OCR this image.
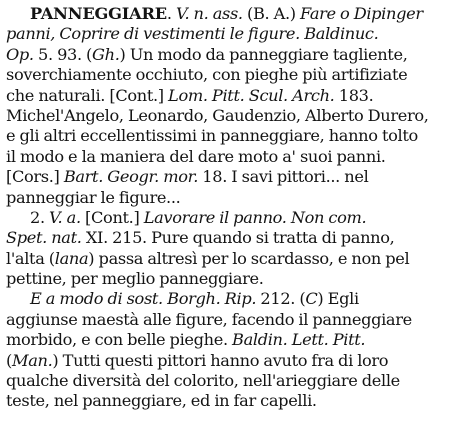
PANNEGGIARE. V. n. ass. (B. A.) Fare o Dipinger
panni, Coprire di vestimenti le figure. Baldinuc.
Op. 5. 93. (Gh.) Un modo da panneggiare tagliente,
soverchiamente occhiuto, con pieghe più artifiziate
che naturali. [Cont.] Lom. Pitt. Scul. Arch. 183.
Michel'Angelo, Leonardo, Gaudenzio, Alberto Durero,
e gli altri eccellentissimi in panneggiare, hanno tolto
il modo e la maniera del dare moto a' suoi panni.
[Cors.] Bart. Geogr. mor. 18. I savi pittori... nel
panneggiar le figure...
2. V. a. [Cont.] Lavorare il panno. Non com.
Spet. nat. XI. 215. Pure quando si tratta di panno,
l'alta (lana) passa altresì per lo scardasso, e non pel
pettine, per meglio panneggiare.
E a modo di sost. Borgh. Rip. 212. (C) Egli
aggiunse maestà alle figure, facendo il panneggiare
morbido, e con belle pieghe. Baldin. Lett. Pitt.
(Man.) Tutti questi pittori hanno avuto fra di loro
qualche diversità del colorito, nell'arieggiare delle
teste, nel panneggiare, ed in far capelli.
